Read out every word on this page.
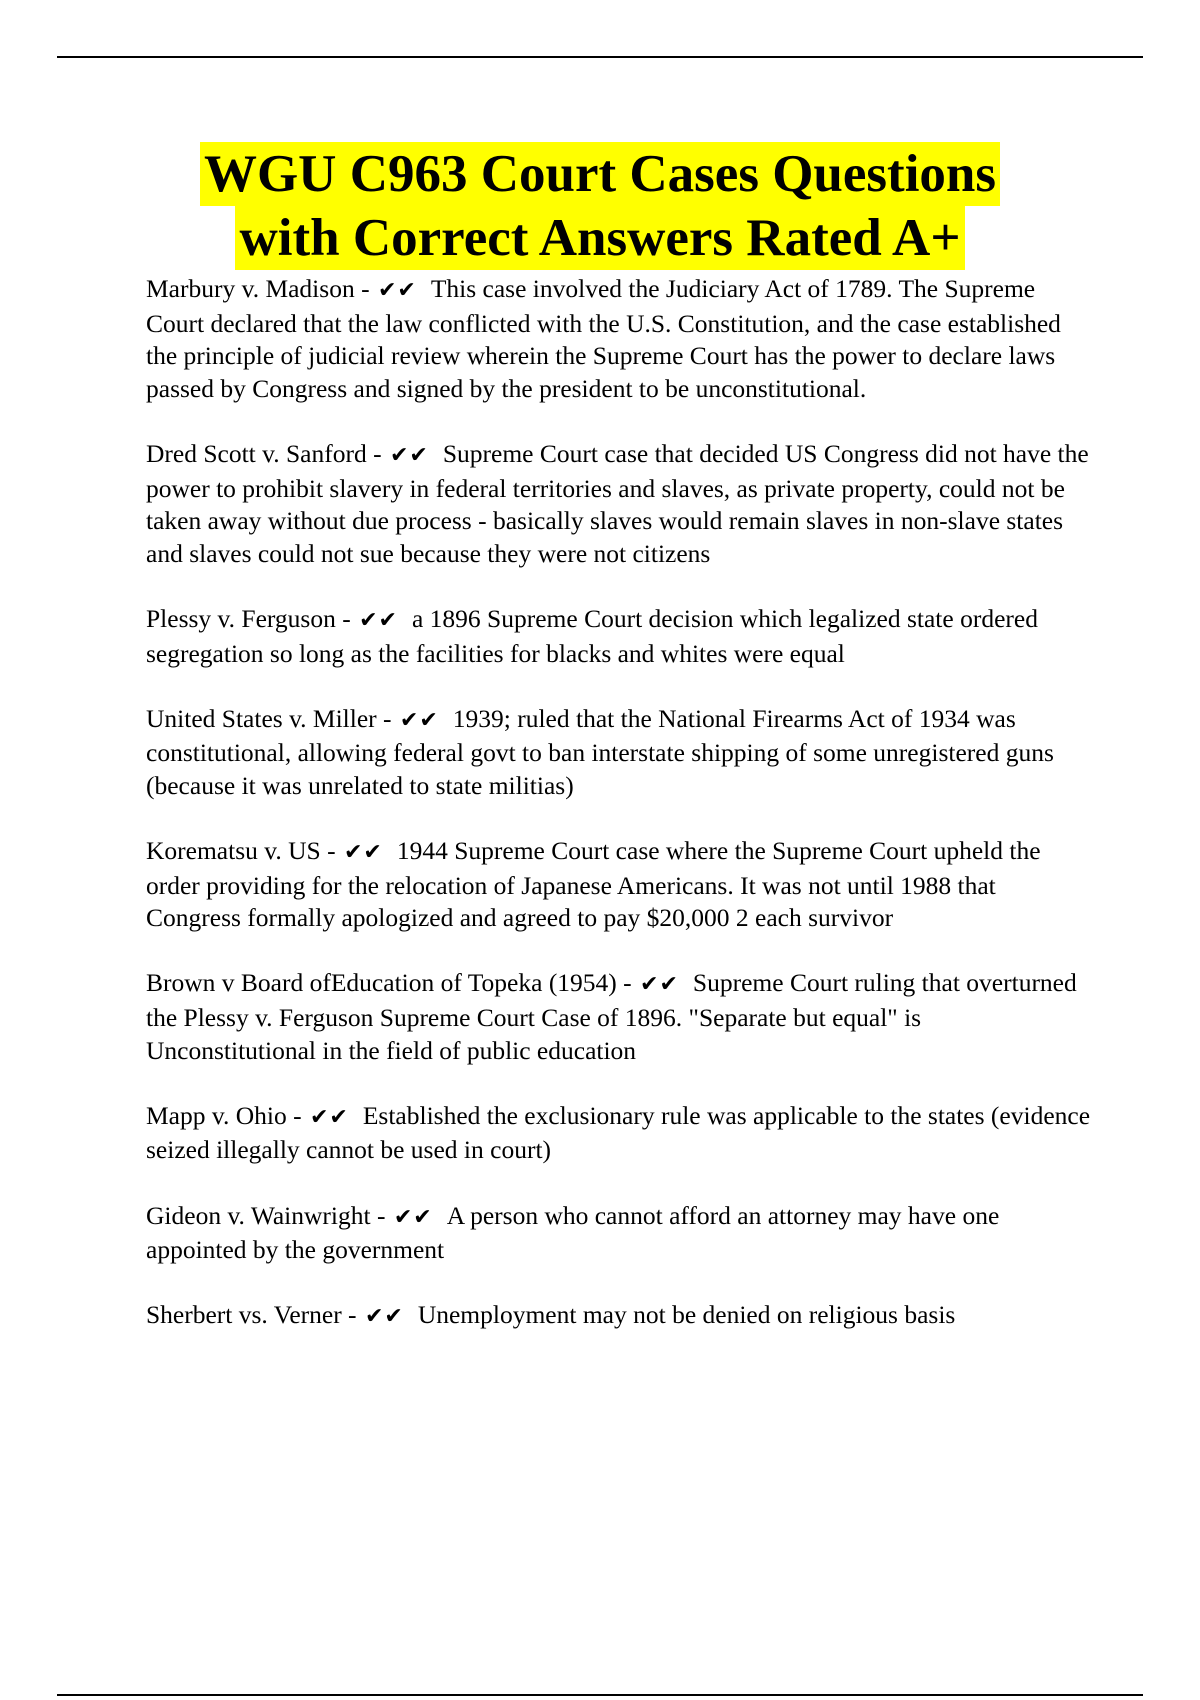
WGU C963 Court Cases Questions
with Correct Answers Rated A+

Marbury v. Madison - ✔✔ This case involved the Judiciary Act of 1789. The Supreme Court declared that the law conflicted with the U.S. Constitution, and the case established the principle of judicial review wherein the Supreme Court has the power to declare laws passed by Congress and signed by the president to be unconstitutional.

Dred Scott v. Sanford - ✔✔ Supreme Court case that decided US Congress did not have the power to prohibit slavery in federal territories and slaves, as private property, could not be taken away without due process - basically slaves would remain slaves in non-slave states and slaves could not sue because they were not citizens

Plessy v. Ferguson - ✔✔ a 1896 Supreme Court decision which legalized state ordered segregation so long as the facilities for blacks and whites were equal

United States v. Miller - ✔✔ 1939; ruled that the National Firearms Act of 1934 was constitutional, allowing federal govt to ban interstate shipping of some unregistered guns (because it was unrelated to state militias)

Korematsu v. US - ✔✔ 1944 Supreme Court case where the Supreme Court upheld the order providing for the relocation of Japanese Americans. It was not until 1988 that Congress formally apologized and agreed to pay $20,000 2 each survivor

Brown v Board ofEducation of Topeka (1954) - ✔✔ Supreme Court ruling that overturned the Plessy v. Ferguson Supreme Court Case of 1896. "Separate but equal" is Unconstitutional in the field of public education

Mapp v. Ohio - ✔✔ Established the exclusionary rule was applicable to the states (evidence seized illegally cannot be used in court)

Gideon v. Wainwright - ✔✔ A person who cannot afford an attorney may have one appointed by the government

Sherbert vs. Verner - ✔✔ Unemployment may not be denied on religious basis
